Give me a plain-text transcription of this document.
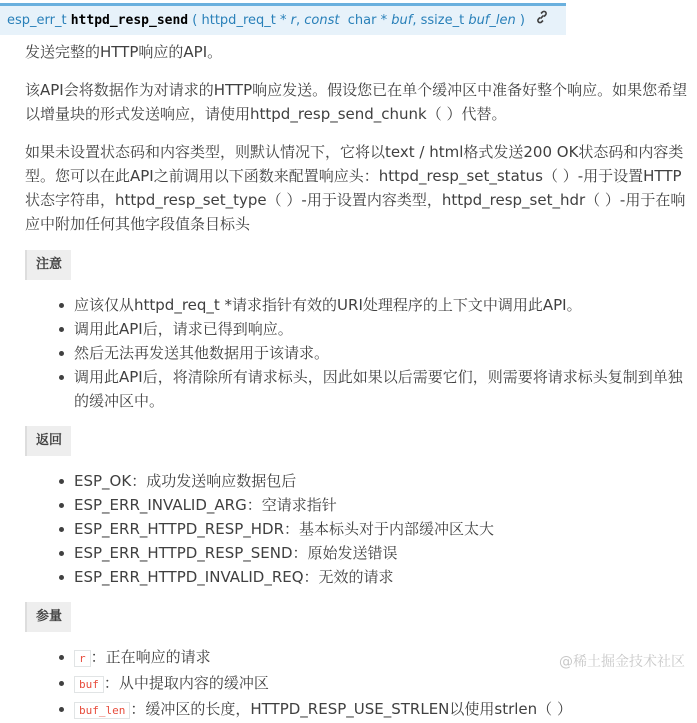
esp_err_t httpd_resp_send ( httpd_req_t * r, const char * buf, ssize_t buf_len )

发送完整的HTTP响应的API。

该API会将数据作为对请求的HTTP响应发送。假设您已在单个缓冲区中准备好整个响应。如果您希望以增量块的形式发送响应，请使用httpd_resp_send_chunk（ ）代替。

如果未设置状态码和内容类型，则默认情况下，它将以text / html格式发送200 OK状态码和内容类型。您可以在此API之前调用以下函数来配置响应头：httpd_resp_set_status（ ）-用于设置HTTP状态字符串，httpd_resp_set_type（ ）-用于设置内容类型，httpd_resp_set_hdr（ ）-用于在响应中附加任何其他字段值条目标头

注意
应该仅从httpd_req_t *请求指针有效的URI处理程序的上下文中调用此API。
调用此API后，请求已得到响应。
然后无法再发送其他数据用于该请求。
调用此API后，将清除所有请求标头，因此如果以后需要它们，则需要将请求标头复制到单独的缓冲区中。
返回
ESP_OK：成功发送响应数据包后
ESP_ERR_INVALID_ARG：空请求指针
ESP_ERR_HTTPD_RESP_HDR：基本标头对于内部缓冲区太大
ESP_ERR_HTTPD_RESP_SEND：原始发送错误
ESP_ERR_HTTPD_INVALID_REQ：无效的请求
参量
r ：正在响应的请求
buf ：从中提取内容的缓冲区
buf_len ：缓冲区的长度，HTTPD_RESP_USE_STRLEN以使用strlen（ ）
@稀土掘金技术社区
